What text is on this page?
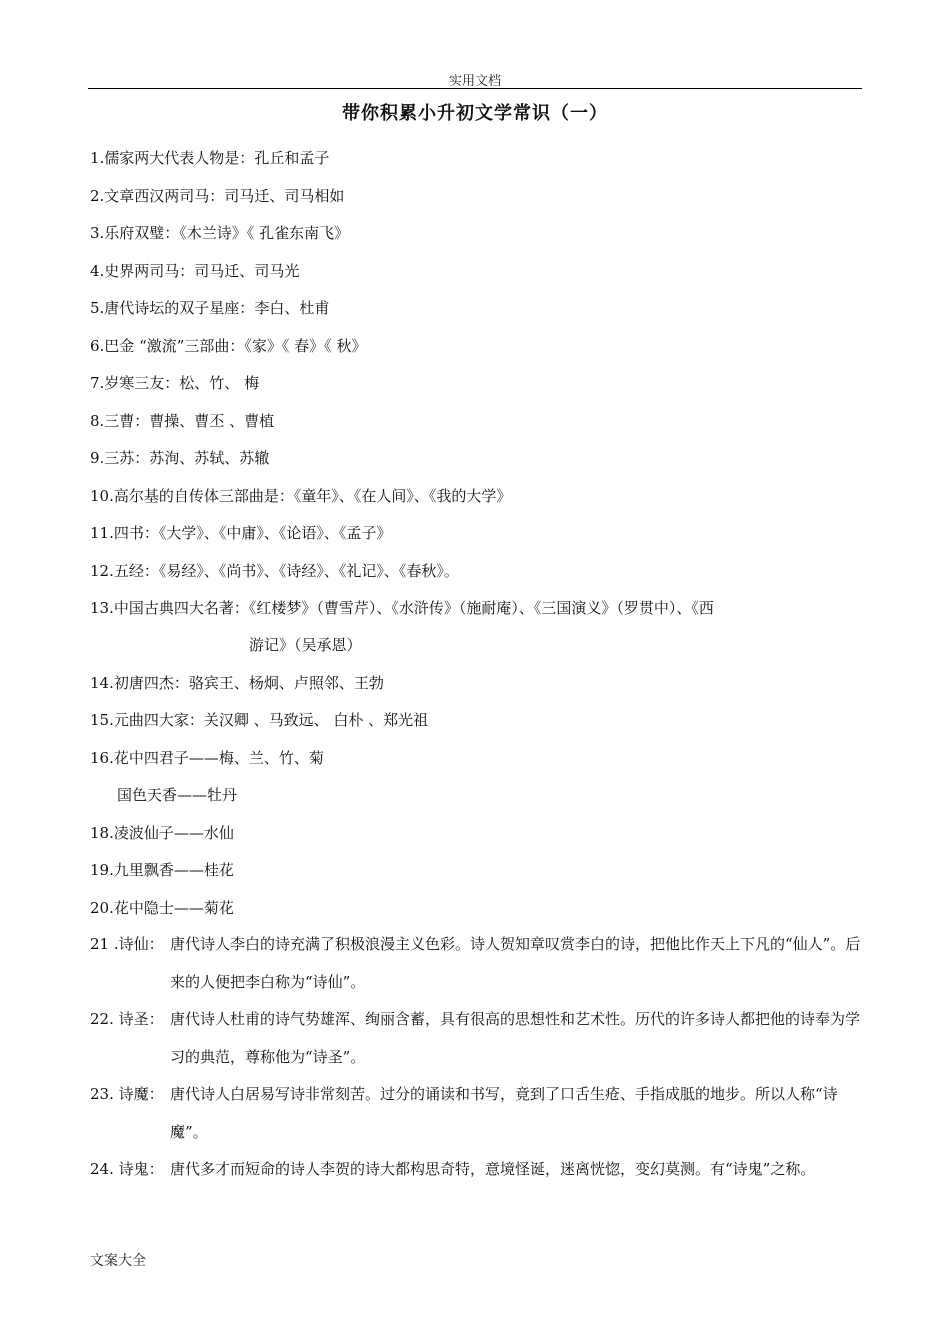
实用文档
带你积累小升初文学常识（一）
1.儒家两大代表人物是：孔丘和孟子
2.文章西汉两司马：司马迁、司马相如
3.乐府双璧：《木兰诗》《 孔雀东南飞》
4.史界两司马：司马迁、司马光
5.唐代诗坛的双子星座：李白、杜甫
6.巴金 “激流”三部曲：《家》《 春》《 秋》
7.岁寒三友：松、竹、 梅
8.三曹：曹操、曹丕 、曹植
9.三苏：苏洵、苏轼、苏辙
10.高尔基的自传体三部曲是：《童年》、《在人间》、《我的大学》
11.四书：《大学》、《中庸》、《论语》、《孟子》
12.五经：《易经》、《尚书》、《诗经》、《礼记》、《春秋》。
13.中国古典四大名著：《红楼梦》（曹雪芹）、《水浒传》（施耐庵）、《三国演义》（罗贯中）、《西
游记》（吴承恩）
14.初唐四杰：骆宾王、杨炯、卢照邻、王勃
15.元曲四大家：关汉卿 、马致远、 白朴 、郑光祖
16.花中四君子——梅、兰、竹、菊
国色天香——牡丹
18.凌波仙子——水仙
19.九里飘香——桂花
20.花中隐士——菊花
21 .诗仙： 唐代诗人李白的诗充满了积极浪漫主义色彩。诗人贺知章叹赏李白的诗，把他比作天上下凡的“仙人”。后来的人便把李白称为“诗仙”。
22. 诗圣： 唐代诗人杜甫的诗气势雄浑、绚丽含蓄，具有很高的思想性和艺术性。历代的许多诗人都把他的诗奉为学习的典范，尊称他为“诗圣”。
23. 诗魔： 唐代诗人白居易写诗非常刻苦。过分的诵读和书写，竟到了口舌生疮、手指成胝的地步。所以人称“诗魔”。
24. 诗鬼： 唐代多才而短命的诗人李贺的诗大都构思奇特，意境怪诞，迷离恍惚，变幻莫测。有“诗鬼”之称。
文案大全
